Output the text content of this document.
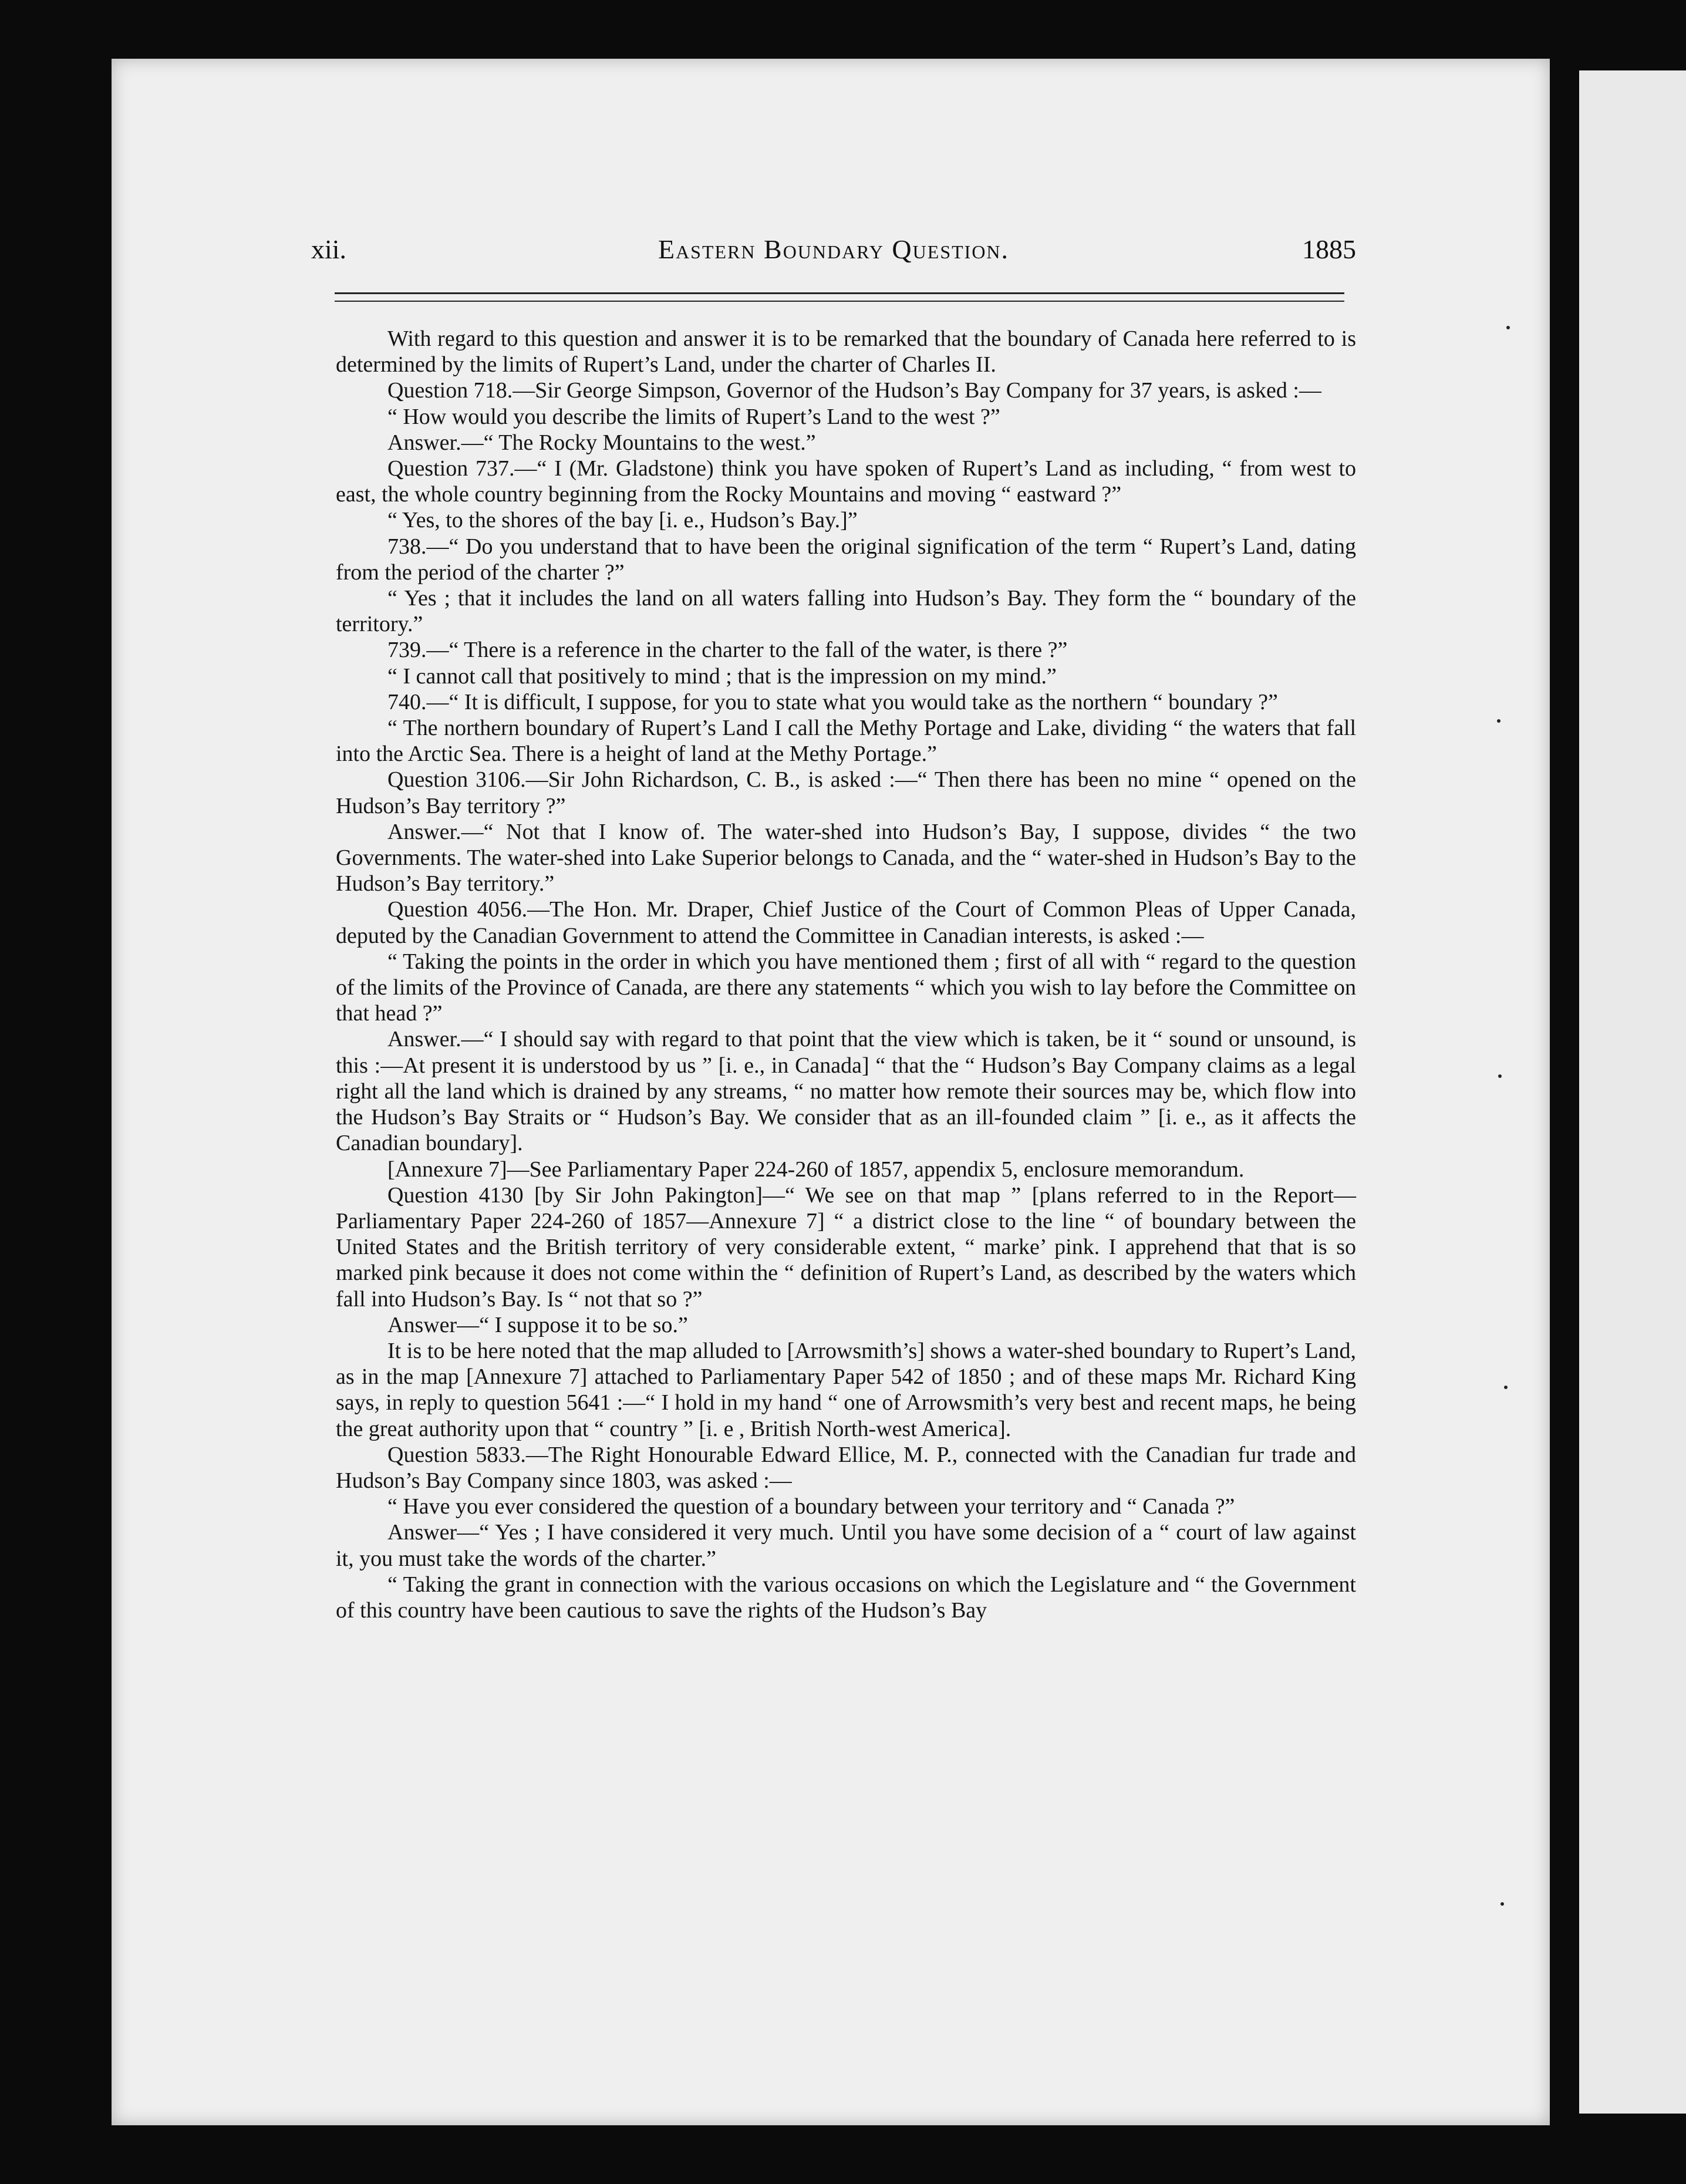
xii.	Eastern Boundary Question.	1885

With regard to this question and answer it is to be remarked that the boundary of Canada here referred to is determined by the limits of Rupert’s Land, under the charter of Charles II.

Question 718.—Sir George Simpson, Governor of the Hudson’s Bay Company for 37 years, is asked :—

“ How would you describe the limits of Rupert’s Land to the west ?”

Answer.—“ The Rocky Mountains to the west.”

Question 737.—“ I (Mr. Gladstone) think you have spoken of Rupert’s Land as including, “ from west to east, the whole country beginning from the Rocky Mountains and moving “ eastward ?”

“ Yes, to the shores of the bay [i. e., Hudson’s Bay.]”

738.—“ Do you understand that to have been the original signification of the term “ Rupert’s Land, dating from the period of the charter ?”

“ Yes ; that it includes the land on all waters falling into Hudson’s Bay. They form the “ boundary of the territory.”

739.—“ There is a reference in the charter to the fall of the water, is there ?”

“ I cannot call that positively to mind ; that is the impression on my mind.”

740.—“ It is difficult, I suppose, for you to state what you would take as the northern “ boundary ?”

“ The northern boundary of Rupert’s Land I call the Methy Portage and Lake, dividing “ the waters that fall into the Arctic Sea. There is a height of land at the Methy Portage.”

Question 3106.—Sir John Richardson, C. B., is asked :—“ Then there has been no mine “ opened on the Hudson’s Bay territory ?”

Answer.—“ Not that I know of. The water-shed into Hudson’s Bay, I suppose, divides “ the two Governments. The water-shed into Lake Superior belongs to Canada, and the “ water-shed in Hudson’s Bay to the Hudson’s Bay territory.”

Question 4056.—The Hon. Mr. Draper, Chief Justice of the Court of Common Pleas of Upper Canada, deputed by the Canadian Government to attend the Committee in Canadian interests, is asked :—

“ Taking the points in the order in which you have mentioned them ; first of all with “ regard to the question of the limits of the Province of Canada, are there any statements “ which you wish to lay before the Committee on that head ?”

Answer.—“ I should say with regard to that point that the view which is taken, be it “ sound or unsound, is this :—At present it is understood by us ” [i. e., in Canada] “ that the “ Hudson’s Bay Company claims as a legal right all the land which is drained by any streams, “ no matter how remote their sources may be, which flow into the Hudson’s Bay Straits or “ Hudson’s Bay. We consider that as an ill-founded claim ” [i. e., as it affects the Canadian boundary].

[Annexure 7]—See Parliamentary Paper 224-260 of 1857, appendix 5, enclosure memorandum.

Question 4130 [by Sir John Pakington]—“ We see on that map ” [plans referred to in the Report—Parliamentary Paper 224-260 of 1857—Annexure 7] “ a district close to the line “ of boundary between the United States and the British territory of very considerable extent, “ marke’ pink. I apprehend that that is so marked pink because it does not come within the “ definition of Rupert’s Land, as described by the waters which fall into Hudson’s Bay. Is “ not that so ?”

Answer—“ I suppose it to be so.”

It is to be here noted that the map alluded to [Arrowsmith’s] shows a water-shed boundary to Rupert’s Land, as in the map [Annexure 7] attached to Parliamentary Paper 542 of 1850 ; and of these maps Mr. Richard King says, in reply to question 5641 :—“ I hold in my hand “ one of Arrowsmith’s very best and recent maps, he being the great authority upon that “ country ” [i. e , British North-west America].

Question 5833.—The Right Honourable Edward Ellice, M. P., connected with the Canadian fur trade and Hudson’s Bay Company since 1803, was asked :—

“ Have you ever considered the question of a boundary between your territory and “ Canada ?”

Answer—“ Yes ; I have considered it very much. Until you have some decision of a “ court of law against it, you must take the words of the charter.”

“ Taking the grant in connection with the various occasions on which the Legislature and “ the Government of this country have been cautious to save the rights of the Hudson’s Bay
